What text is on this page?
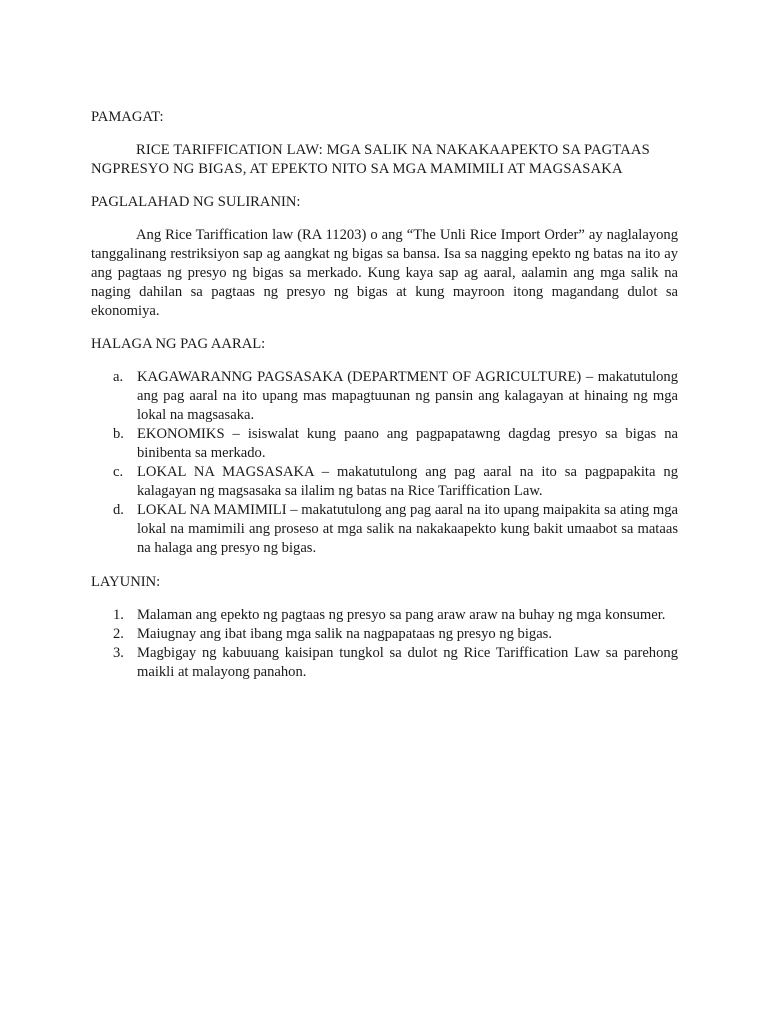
PAMAGAT:

RICE TARIFFICATION LAW: MGA SALIK NA NAKAKAAPEKTO SA PAGTAAS
NGPRESYO NG BIGAS, AT EPEKTO NITO SA MGA MAMIMILI AT MAGSASAKA

PAGLALAHAD NG SULIRANIN:

Ang Rice Tariffication law (RA 11203) o ang “The Unli Rice Import Order” ay naglalayong tanggalinang restriksiyon sap ag aangkat ng bigas sa bansa. Isa sa nagging epekto ng batas na ito ay ang pagtaas ng presyo ng bigas sa merkado. Kung kaya sap ag aaral, aalamin ang mga salik na naging dahilan sa pagtaas ng presyo ng bigas at kung mayroon itong magandang dulot sa ekonomiya.

HALAGA NG PAG AARAL:

a. KAGAWARANNG PAGSASAKA (DEPARTMENT OF AGRICULTURE) – makatutulong ang pag aaral na ito upang mas mapagtuunan ng pansin ang kalagayan at hinaing ng mga lokal na magsasaka.
b. EKONOMIKS – isiswalat kung paano ang pagpapatawng dagdag presyo sa bigas na binibenta sa merkado.
c. LOKAL NA MAGSASAKA – makatutulong ang pag aaral na ito sa pagpapakita ng kalagayan ng magsasaka sa ilalim ng batas na Rice Tariffication Law.
d. LOKAL NA MAMIMILI – makatutulong ang pag aaral na ito upang maipakita sa ating mga lokal na mamimili ang proseso at mga salik na nakakaapekto kung bakit umaabot sa mataas na halaga ang presyo ng bigas.

LAYUNIN:

1. Malaman ang epekto ng pagtaas ng presyo sa pang araw araw na buhay ng mga konsumer.
2. Maiugnay ang ibat ibang mga salik na nagpapataas ng presyo ng bigas.
3. Magbigay ng kabuuang kaisipan tungkol sa dulot ng Rice Tariffication Law sa parehong maikli at malayong panahon.
